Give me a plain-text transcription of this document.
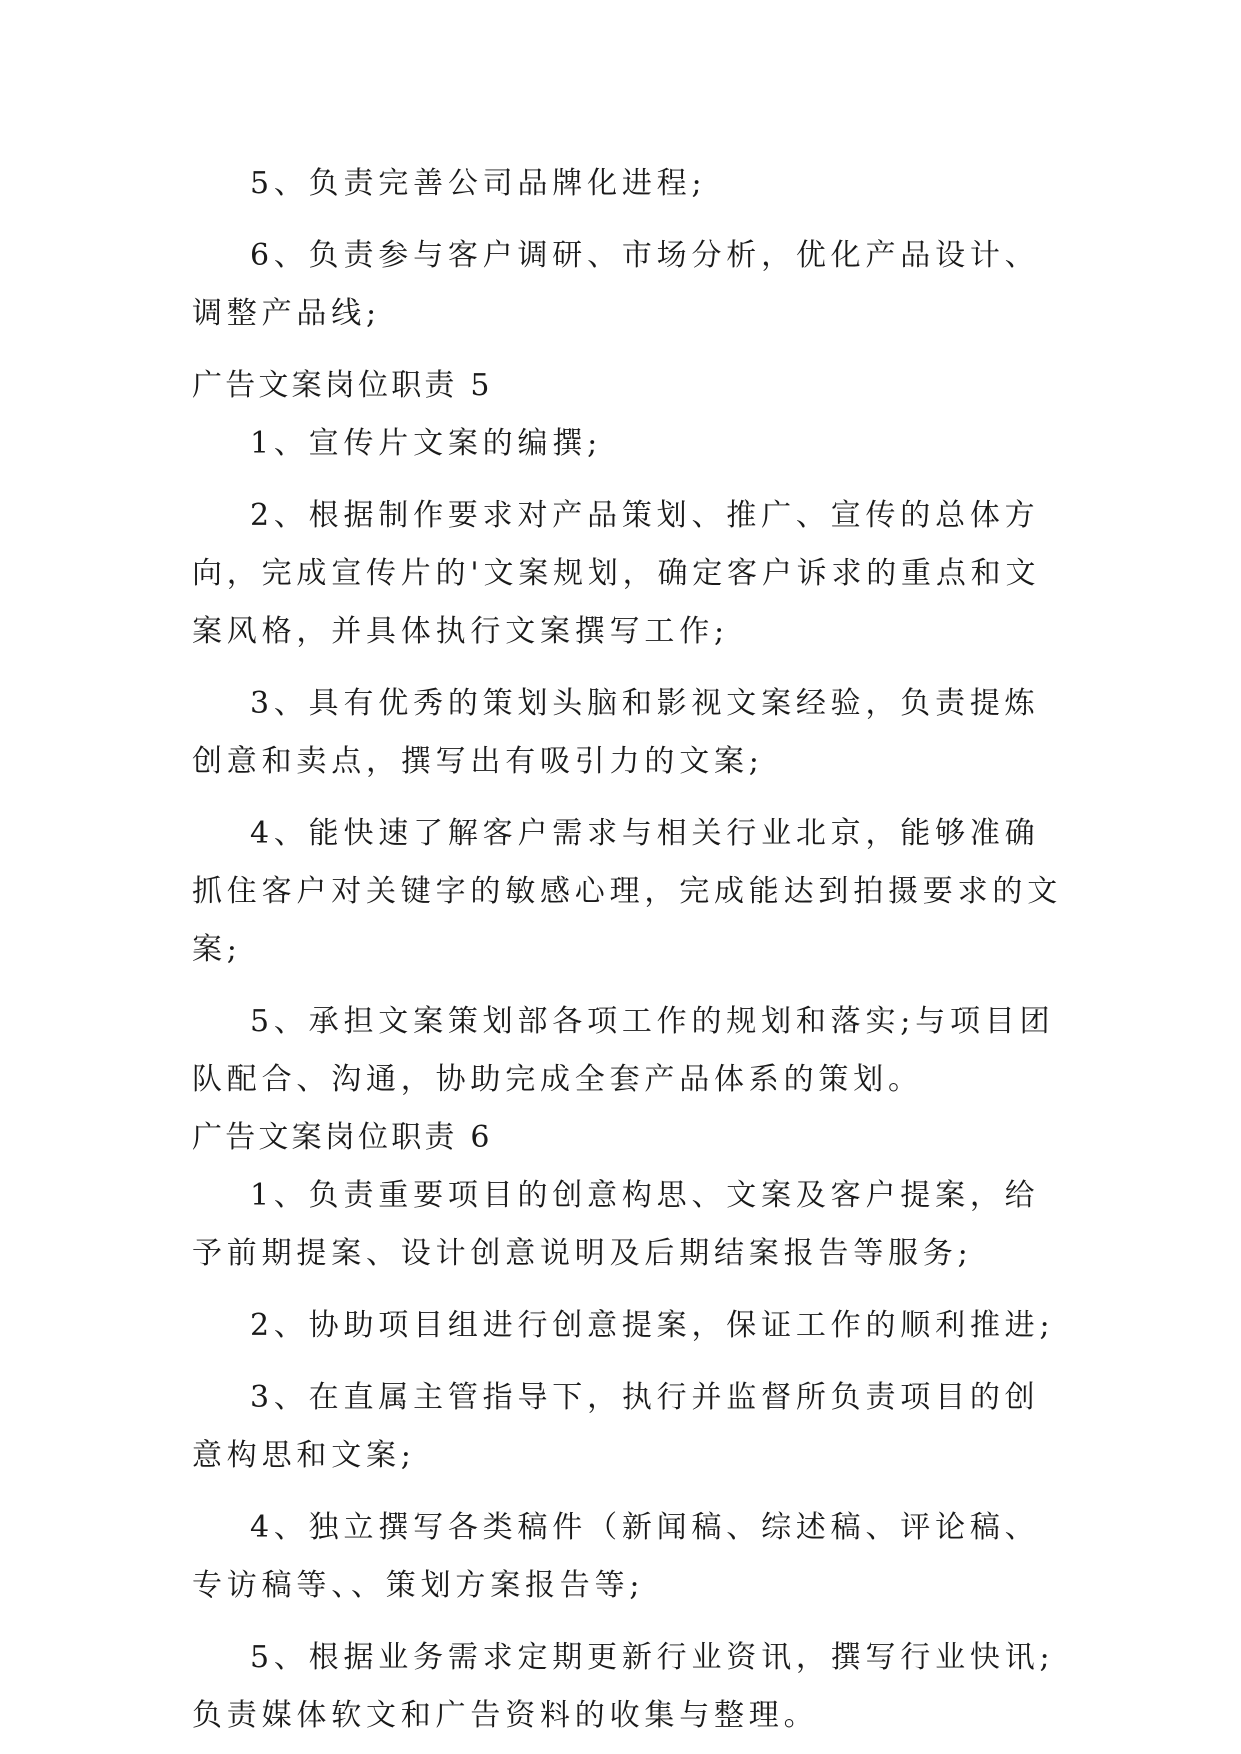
5、负责完善公司品牌化进程;

6、负责参与客户调研、市场分析，优化产品设计、调整产品线;

广告文案岗位职责 5

1、宣传片文案的编撰;

2、根据制作要求对产品策划、推广、宣传的总体方向，完成宣传片的'文案规划，确定客户诉求的重点和文案风格，并具体执行文案撰写工作;

3、具有优秀的策划头脑和影视文案经验，负责提炼创意和卖点，撰写出有吸引力的文案;

4、能快速了解客户需求与相关行业北京，能够准确抓住客户对关键字的敏感心理，完成能达到拍摄要求的文案;

5、承担文案策划部各项工作的规划和落实;与项目团队配合、沟通，协助完成全套产品体系的策划。

广告文案岗位职责 6

1、负责重要项目的创意构思、文案及客户提案，给予前期提案、设计创意说明及后期结案报告等服务;

2、协助项目组进行创意提案，保证工作的顺利推进;

3、在直属主管指导下，执行并监督所负责项目的创意构思和文案;

4、独立撰写各类稿件（新闻稿、综述稿、评论稿、专访稿等、、策划方案报告等;

5、根据业务需求定期更新行业资讯，撰写行业快讯;负责媒体软文和广告资料的收集与整理。
